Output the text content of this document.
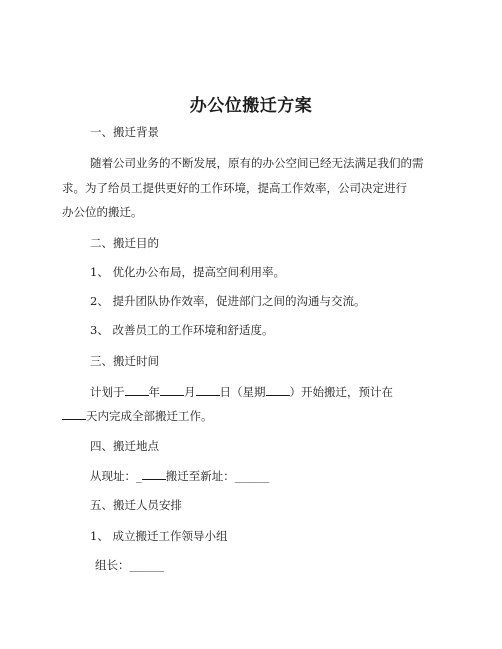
办公位搬迁方案
一、搬迁背景
随着公司业务的不断发展，原有的办公空间已经无法满足我们的需
求。为了给员工提供更好的工作环境，提高工作效率，公司决定进行
办公位的搬迁。
二、搬迁目的
1、 优化办公布局，提高空间利用率。
2、 提升团队协作效率，促进部门之间的沟通与交流。
3、 改善员工的工作环境和舒适度。
三、搬迁时间
计划于 年 月 日（星期 ）开始搬迁，预计在
天内完成全部搬迁工作。
四、搬迁地点
从现址：_ 搬迁至新址：______
五、搬迁人员安排
1、 成立搬迁工作领导小组
组长：______
